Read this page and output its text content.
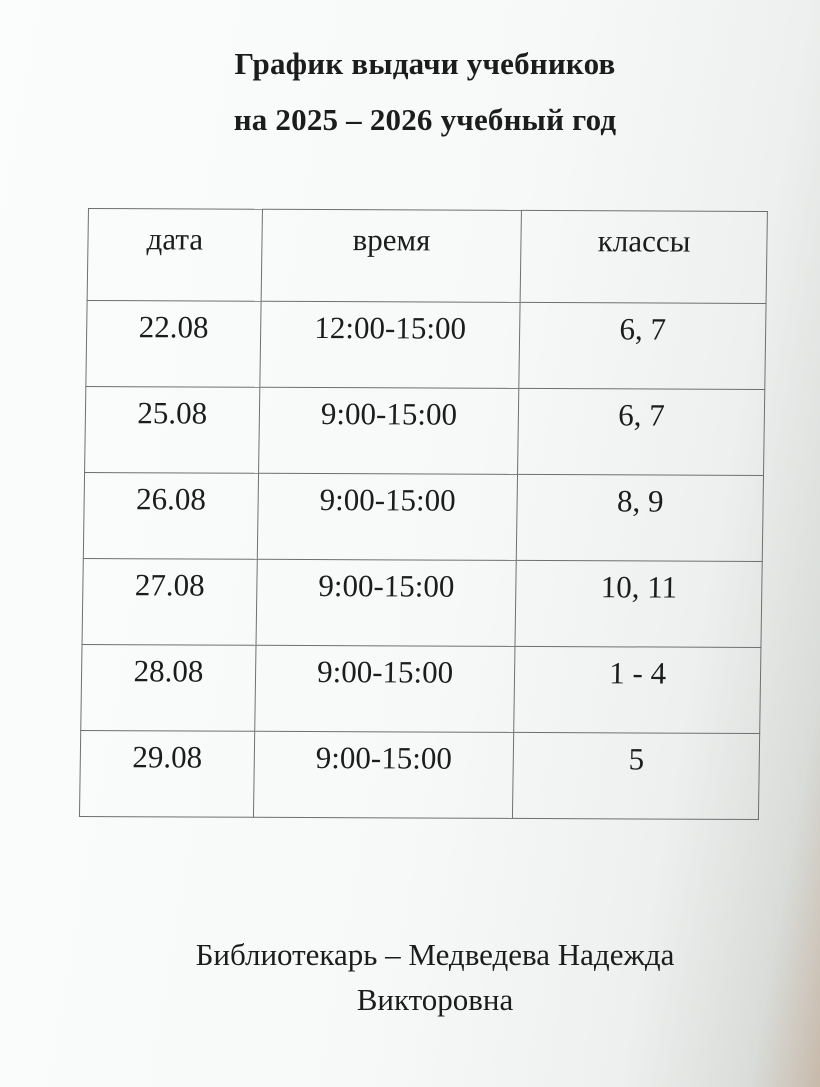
График выдачи учебников
на 2025 – 2026 учебный год
дата	время	классы
22.08	12:00-15:00	6, 7
25.08	9:00-15:00	6, 7
26.08	9:00-15:00	8, 9
27.08	9:00-15:00	10, 11
28.08	9:00-15:00	1 - 4
29.08	9:00-15:00	5
Библиотекарь – Медведева Надежда
Викторовна
